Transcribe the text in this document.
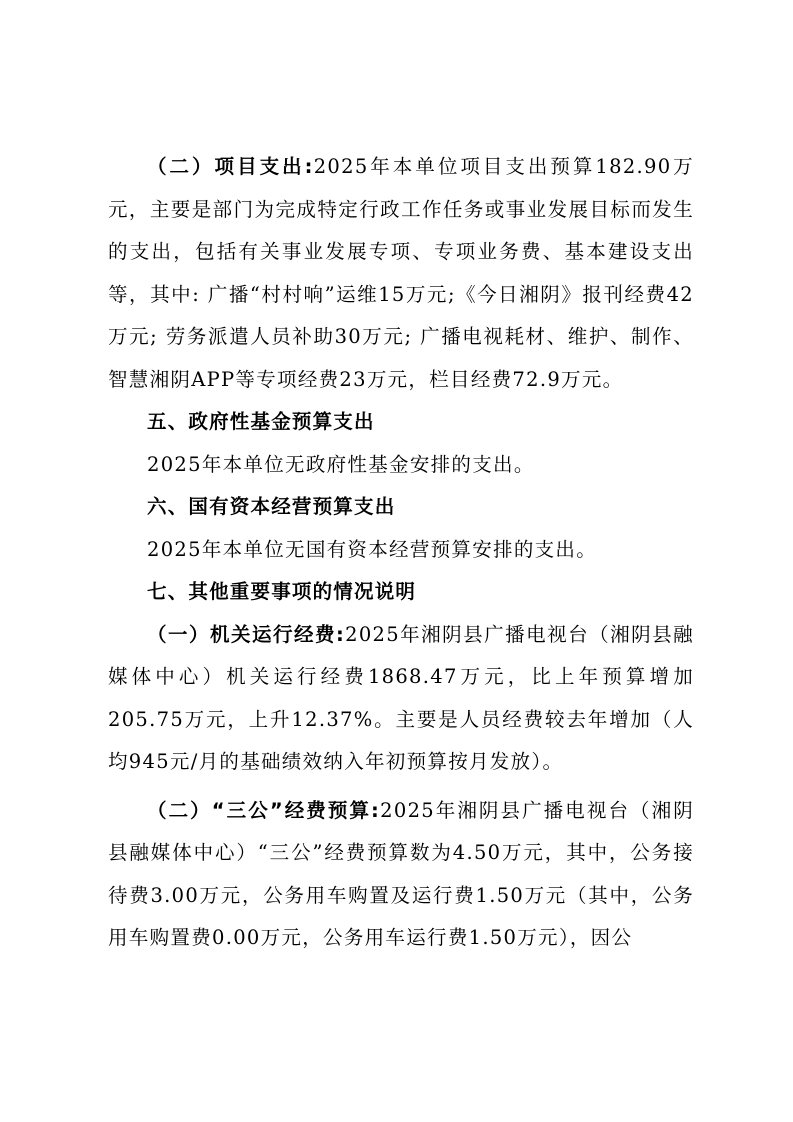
（二）项目支出:2025年本单位项目支出预算182.90万元，主要是部门为完成特定行政工作任务或事业发展目标而发生的支出，包括有关事业发展专项、专项业务费、基本建设支出等，其中: 广播“村村响”运维15万元;《今日湘阴》报刊经费42万元; 劳务派遣人员补助30万元; 广播电视耗材、维护、制作、智慧湘阴APP等专项经费23万元，栏目经费72.9万元。

五、政府性基金预算支出

2025年本单位无政府性基金安排的支出。

六、国有资本经营预算支出

2025年本单位无国有资本经营预算安排的支出。

七、其他重要事项的情况说明

（一）机关运行经费:2025年湘阴县广播电视台（湘阴县融媒体中心）机关运行经费1868.47万元，比上年预算增加205.75万元，上升12.37%。主要是人员经费较去年增加（人均945元/月的基础绩效纳入年初预算按月发放）。

（二）“三公”经费预算:2025年湘阴县广播电视台（湘阴县融媒体中心）“三公”经费预算数为4.50万元，其中，公务接待费3.00万元，公务用车购置及运行费1.50万元（其中，公务用车购置费0.00万元，公务用车运行费1.50万元），因公
